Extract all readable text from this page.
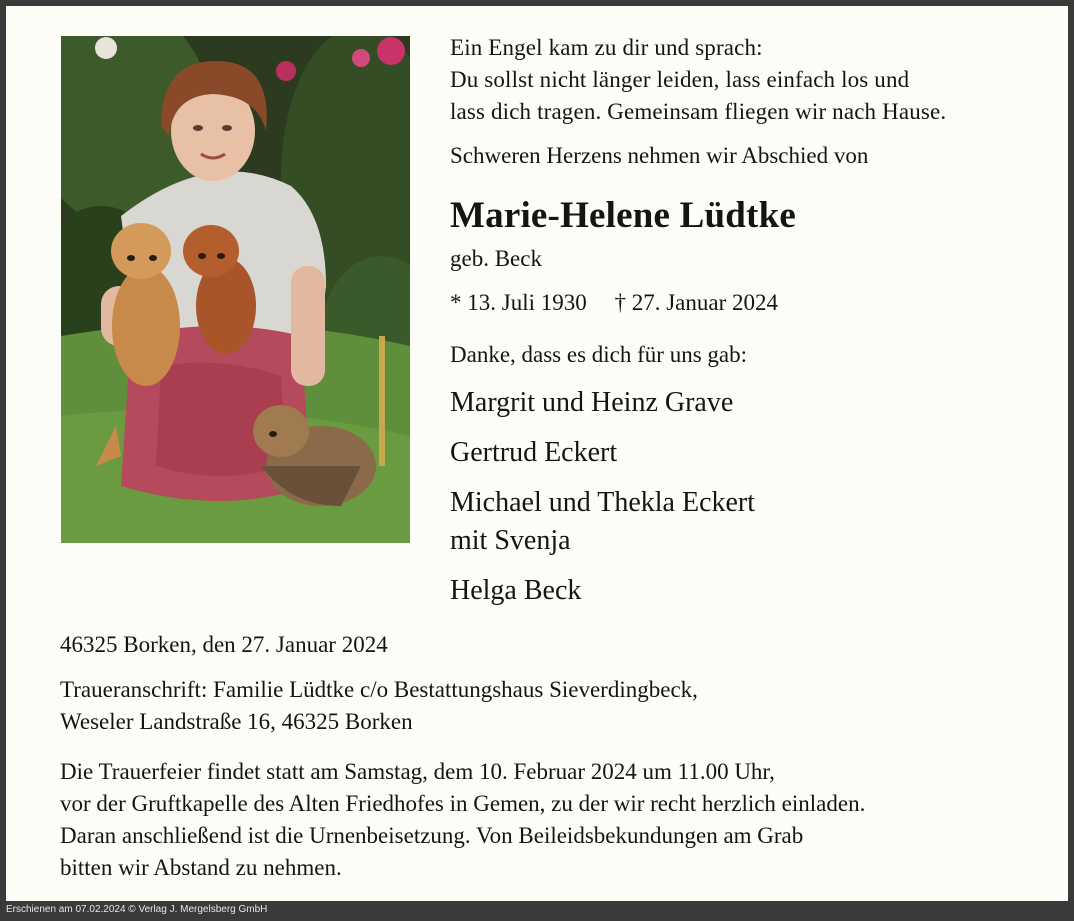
Ein Engel kam zu dir und sprach:
Du sollst nicht länger leiden, lass einfach los und
lass dich tragen. Gemeinsam fliegen wir nach Hause.
Schweren Herzens nehmen wir Abschied von
Marie-Helene Lüdtke
geb. Beck
* 13. Juli 1930 † 27. Januar 2024
Danke, dass es dich für uns gab:
Margrit und Heinz Grave
Gertrud Eckert
Michael und Thekla Eckert
mit Svenja
Helga Beck
46325 Borken, den 27. Januar 2024
Traueranschrift: Familie Lüdtke c/o Bestattungshaus Sieverdingbeck,
Weseler Landstraße 16, 46325 Borken
Die Trauerfeier findet statt am Samstag, dem 10. Februar 2024 um 11.00 Uhr,
vor der Gruftkapelle des Alten Friedhofes in Gemen, zu der wir recht herzlich einladen.
Daran anschließend ist die Urnenbeisetzung. Von Beileidsbekundungen am Grab
bitten wir Abstand zu nehmen.
Erschienen am 07.02.2024 © Verlag J. Mergelsberg GmbH
